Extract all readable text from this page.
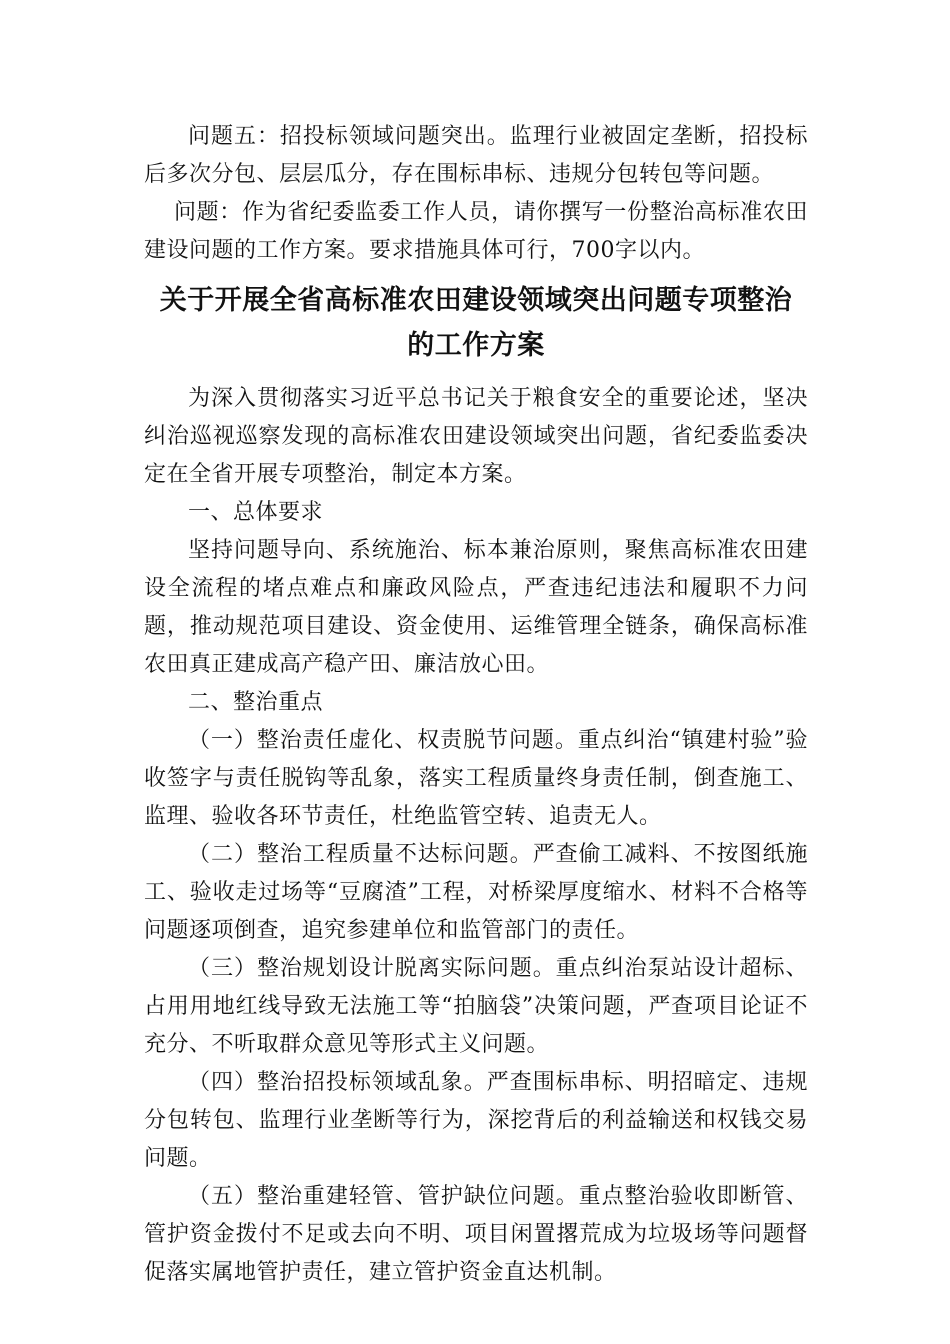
问题五：招投标领域问题突出。监理行业被固定垄断，招投标后多次分包、层层瓜分，存在围标串标、违规分包转包等问题。

问题：作为省纪委监委工作人员，请你撰写一份整治高标准农田建设问题的工作方案。要求措施具体可行，700字以内。

关于开展全省高标准农田建设领域突出问题专项整治
的工作方案

为深入贯彻落实习近平总书记关于粮食安全的重要论述，坚决纠治巡视巡察发现的高标准农田建设领域突出问题，省纪委监委决定在全省开展专项整治，制定本方案。

一、总体要求

坚持问题导向、系统施治、标本兼治原则，聚焦高标准农田建设全流程的堵点难点和廉政风险点，严查违纪违法和履职不力问题，推动规范项目建设、资金使用、运维管理全链条，确保高标准农田真正建成高产稳产田、廉洁放心田。

二、整治重点

（一）整治责任虚化、权责脱节问题。重点纠治“镇建村验”验收签字与责任脱钩等乱象，落实工程质量终身责任制，倒查施工、监理、验收各环节责任，杜绝监管空转、追责无人。

（二）整治工程质量不达标问题。严查偷工减料、不按图纸施工、验收走过场等“豆腐渣”工程，对桥梁厚度缩水、材料不合格等问题逐项倒查，追究参建单位和监管部门的责任。

（三）整治规划设计脱离实际问题。重点纠治泵站设计超标、占用用地红线导致无法施工等“拍脑袋”决策问题，严查项目论证不充分、不听取群众意见等形式主义问题。

（四）整治招投标领域乱象。严查围标串标、明招暗定、违规分包转包、监理行业垄断等行为，深挖背后的利益输送和权钱交易问题。

（五）整治重建轻管、管护缺位问题。重点整治验收即断管、管护资金拨付不足或去向不明、项目闲置撂荒成为垃圾场等问题督促落实属地管护责任，建立管护资金直达机制。
